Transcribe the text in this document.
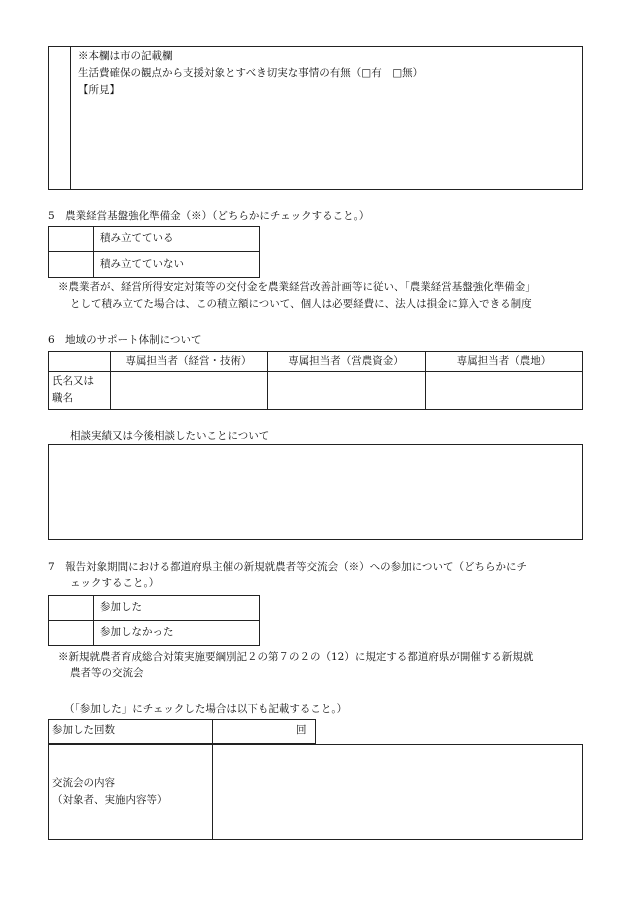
※本欄は市の記載欄
生活費確保の観点から支援対象とすべき切実な事情の有無（□有　□無）
【所見】
5　農業経営基盤強化準備金（※）（どちらかにチェックすること。）
積み立てている
積み立てていない
※農業者が、経営所得安定対策等の交付金を農業経営改善計画等に従い、「農業経営基盤強化準備金」
として積み立てた場合は、この積立額について、個人は必要経費に、法人は損金に算入できる制度
6　地域のサポート体制について
専属担当者（経営・技術）	専属担当者（営農資金）	専属担当者（農地）
氏名又は
職名
相談実績又は今後相談したいことについて
7　報告対象期間における都道府県主催の新規就農者等交流会（※）への参加について（どちらかにチ
ェックすること。）
参加した
参加しなかった
※新規就農者育成総合対策実施要綱別記２の第７の２の（12）に規定する都道府県が開催する新規就
農者等の交流会
（「参加した」にチェックした場合は以下も記載すること。）
参加した回数	回
交流会の内容
（対象者、実施内容等）
